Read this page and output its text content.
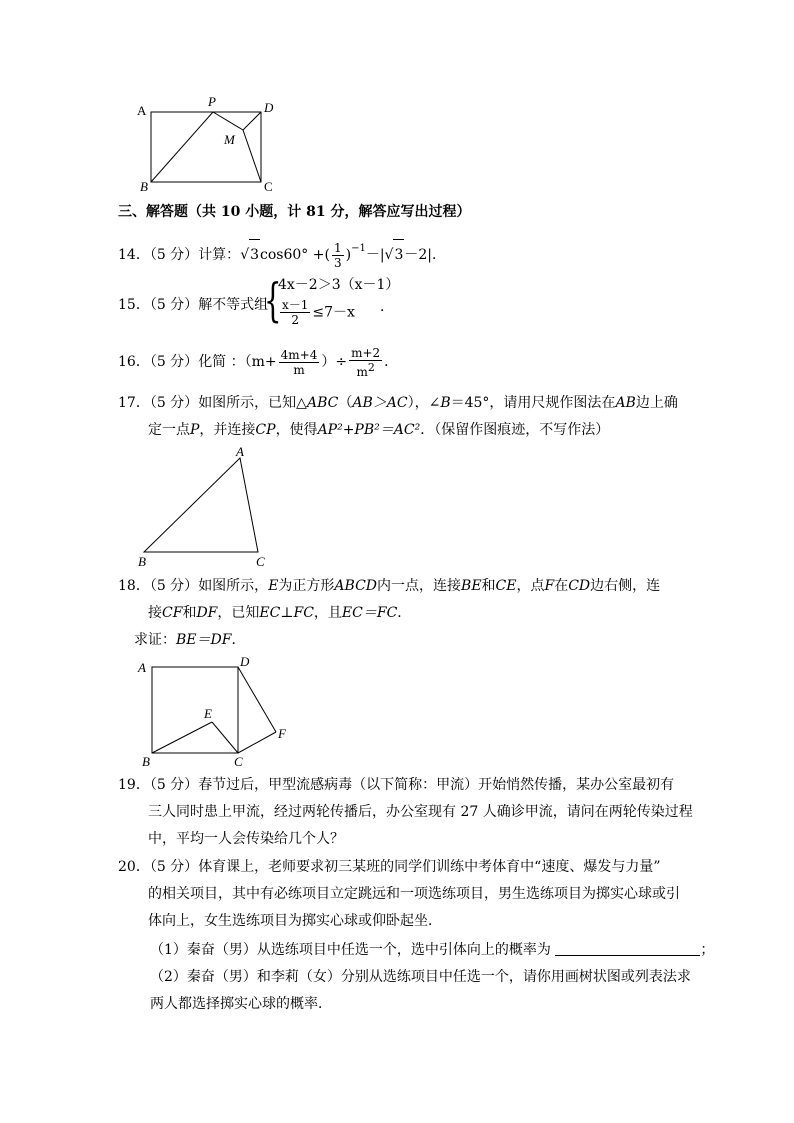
A
P	D
M
B	C
三、解答题（共 10 小题，计 81 分，解答应写出过程）
14．（5 分）计算：√3cos60° +( $\frac{1}{3} )^{-1}-|√3-2|$．
15．（5 分）解不等式组
{
4x－2＞3（x－1）
$\frac{x-1}{2} \le 7-x$ ．
16．（5 分）化简 ：（$m+ \frac{4m+4}{m}$ ）÷ $\frac{m+2}{m2}$ ．
17．（5 分）如图所示，已知△ABC（AB＞AC），∠B＝45°，请用尺规作图法在AB边上确
定一点P，并连接CP，使得AP²+PB²＝AC²．（保留作图痕迹，不写作法）
A
B	C
18．（5 分）如图所示，E为正方形ABCD内一点，连接BE和CE，点F在CD边右侧，连
接CF和DF，已知EC⊥FC，且EC＝FC．
求证：BE＝DF．
A	D
E
F
B	C
19．（5 分）春节过后，甲型流感病毒（以下简称：甲流）开始悄然传播，某办公室最初有
三人同时患上甲流，经过两轮传播后，办公室现有 27 人确诊甲流，请问在两轮传染过程
中，平均一人会传染给几个人？
20．（5 分）体育课上，老师要求初三某班的同学们训练中考体育中“速度、爆发与力量”
的相关项目，其中有必练项目立定跳远和一项选练项目，男生选练项目为掷实心球或引
体向上，女生选练项目为掷实心球或仰卧起坐．
（1）秦奋（男）从选练项目中任选一个，选中引体向上的概率为	；
（2）秦奋（男）和李莉（女）分别从选练项目中任选一个，请你用画树状图或列表法求
两人都选择掷实心球的概率．
